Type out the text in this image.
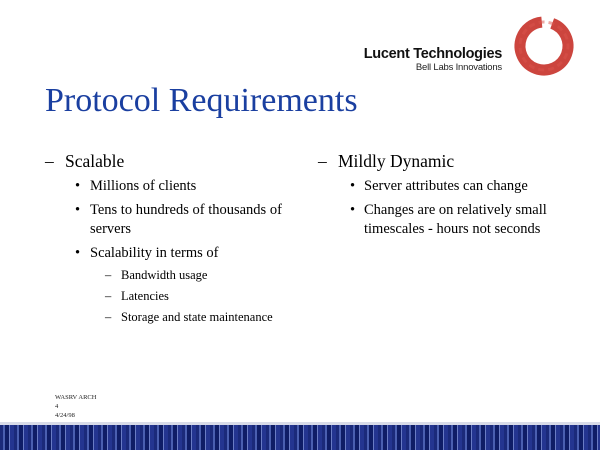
Lucent Technologies
Bell Labs Innovations
Protocol Requirements
– Scalable
• Millions of clients
• Tens to hundreds of thousands of servers
• Scalability in terms of
– Bandwidth usage
– Latencies
– Storage and state maintenance
– Mildly Dynamic
• Server attributes can change
• Changes are on relatively small timescales - hours not seconds
WASRV ARCH
4
4/24/98
